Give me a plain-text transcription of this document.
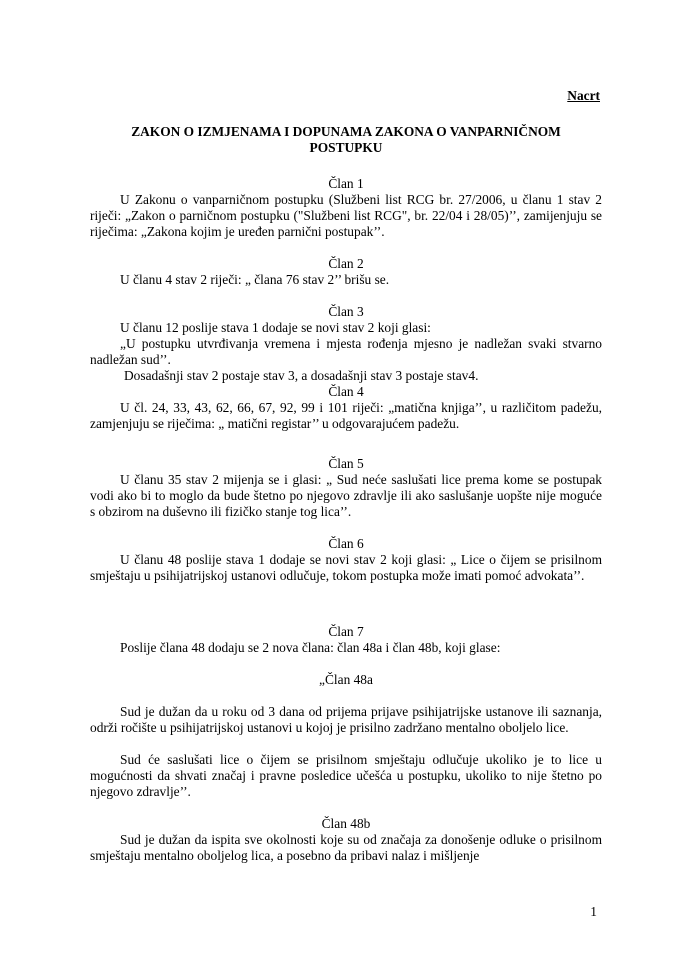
Nacrt
ZAKON O IZMJENAMA I DOPUNAMA ZAKONA O VANPARNIČNOM
POSTUPKU
Član 1
U Zakonu o vanparničnom postupku (Službeni list RCG br. 27/2006, u članu 1 stav 2 riječi: „Zakon o parničnom postupku ("Službeni list RCG", br. 22/04 i 28/05)’’, zamijenjuju se riječima: „Zakona kojim je uređen parnični postupak’’.
Član 2
U članu 4 stav 2 riječi: „ člana 76 stav 2’’ brišu se.
Član 3
U članu 12 poslije stava 1 dodaje se novi stav 2 koji glasi:
„U postupku utvrđivanja vremena i mjesta rođenja mjesno je nadležan svaki stvarno nadležan sud’’.
Dosadašnji stav 2 postaje stav 3, a dosadašnji stav 3 postaje stav4.
Član 4
U čl. 24, 33, 43, 62, 66, 67, 92, 99 i 101 riječi: „matična knjiga’’, u različitom padežu, zamjenjuju se riječima: „ matični registar’’ u odgovarajućem padežu.
Član 5
U članu 35 stav 2 mijenja se i glasi: „ Sud neće saslušati lice prema kome se postupak vodi ako bi to moglo da bude štetno po njegovo zdravlje ili ako saslušanje uopšte nije moguće s obzirom na duševno ili fizičko stanje tog lica’’.
Član 6
U članu 48 poslije stava 1 dodaje se novi stav 2 koji glasi: „ Lice o čijem se prisilnom smještaju u psihijatrijskoj ustanovi odlučuje, tokom postupka može imati pomoć advokata’’.
Član 7
Poslije člana 48 dodaju se 2 nova člana: član 48a i član 48b, koji glase:
„Član 48a
Sud je dužan da u roku od 3 dana od prijema prijave psihijatrijske ustanove ili saznanja, održi ročište u psihijatrijskoj ustanovi u kojoj je prisilno zadržano mentalno oboljelo lice.
Sud će saslušati lice o čijem se prisilnom smještaju odlučuje ukoliko je to lice u mogućnosti da shvati značaj i pravne posledice učešća u postupku, ukoliko to nije štetno po njegovo zdravlje’’.
Član 48b
Sud je dužan da ispita sve okolnosti koje su od značaja za donošenje odluke o prisilnom smještaju mentalno oboljelog lica, a posebno da pribavi nalaz i mišljenje
1
